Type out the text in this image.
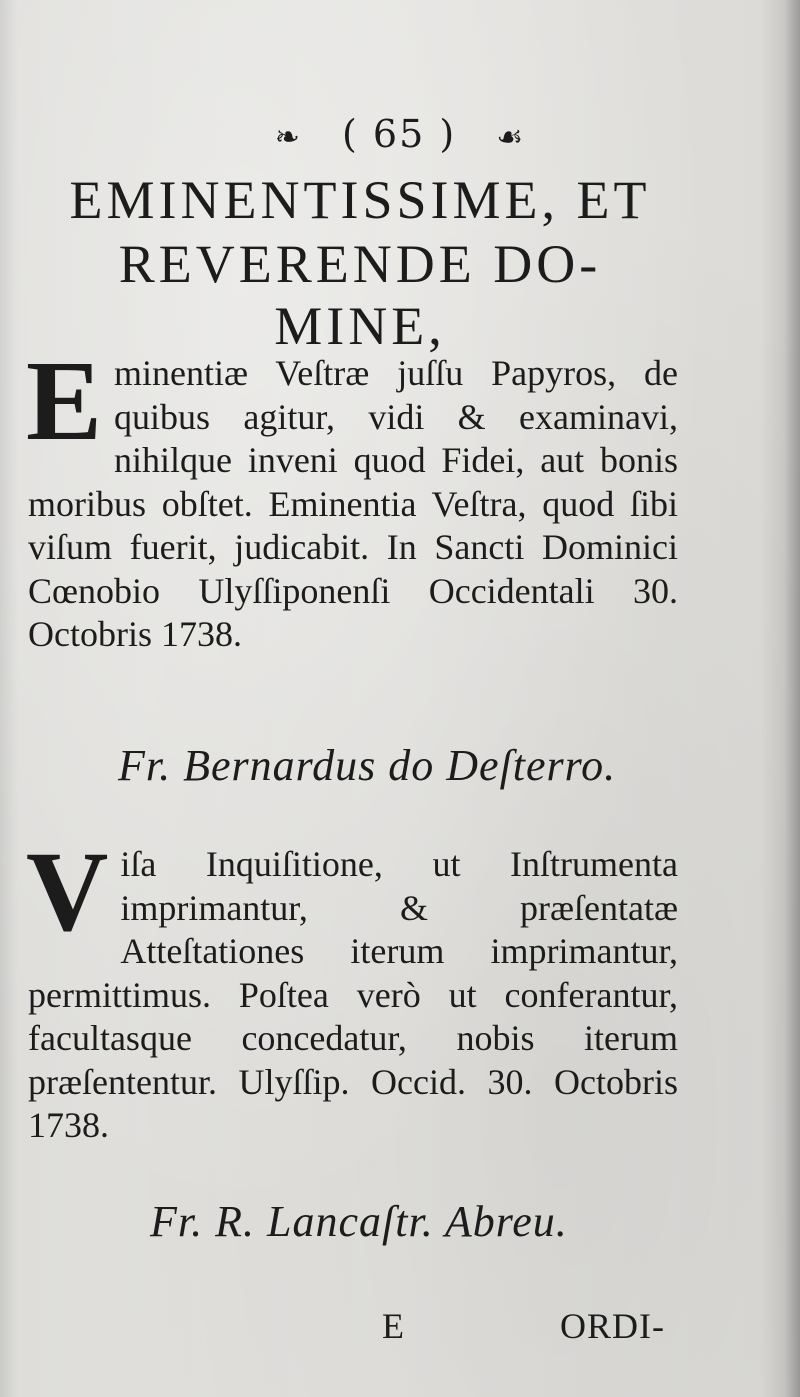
❧ ( 65 ) ☙
EMINENTISSIME, ET
REVERENDE DO-
MINE,

Eminentiæ Veſtræ juſſu Papyros, de quibus agitur, vidi & examinavi, nihilque inveni quod Fidei, aut bonis moribus obſtet. Eminentia Veſtra, quod ſibi viſum fuerit, judicabit. In Sancti Dominici Cœnobio Ulyſſiponenſi Occidentali 30. Octobris 1738.

Fr. Bernardus do Deſterro.

Viſa Inquiſitione, ut Inſtrumenta imprimantur, & præſentatæ Atteſtationes iterum imprimantur, permittimus. Poſtea verò ut conferantur, facultasque concedatur, nobis iterum præſententur. Ulyſſip. Occid. 30. Octobris 1738.

Fr. R. Lancaſtr. Abreu.
E	ORDI-
